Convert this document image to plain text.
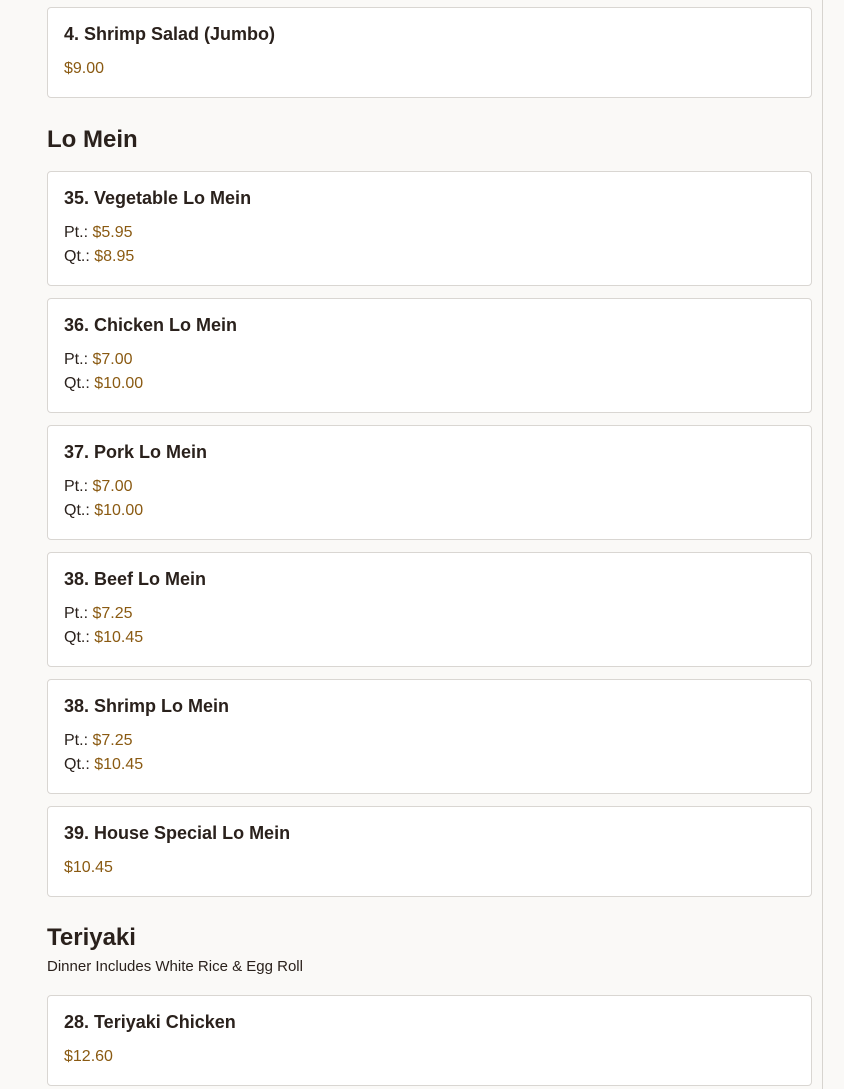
4. Shrimp Salad (Jumbo)
$9.00
Lo Mein
35. Vegetable Lo Mein
Pt.: $5.95
Qt.: $8.95
36. Chicken Lo Mein
Pt.: $7.00
Qt.: $10.00
37. Pork Lo Mein
Pt.: $7.00
Qt.: $10.00
38. Beef Lo Mein
Pt.: $7.25
Qt.: $10.45
38. Shrimp Lo Mein
Pt.: $7.25
Qt.: $10.45
39. House Special Lo Mein
$10.45
Teriyaki
Dinner Includes White Rice & Egg Roll
28. Teriyaki Chicken
$12.60
